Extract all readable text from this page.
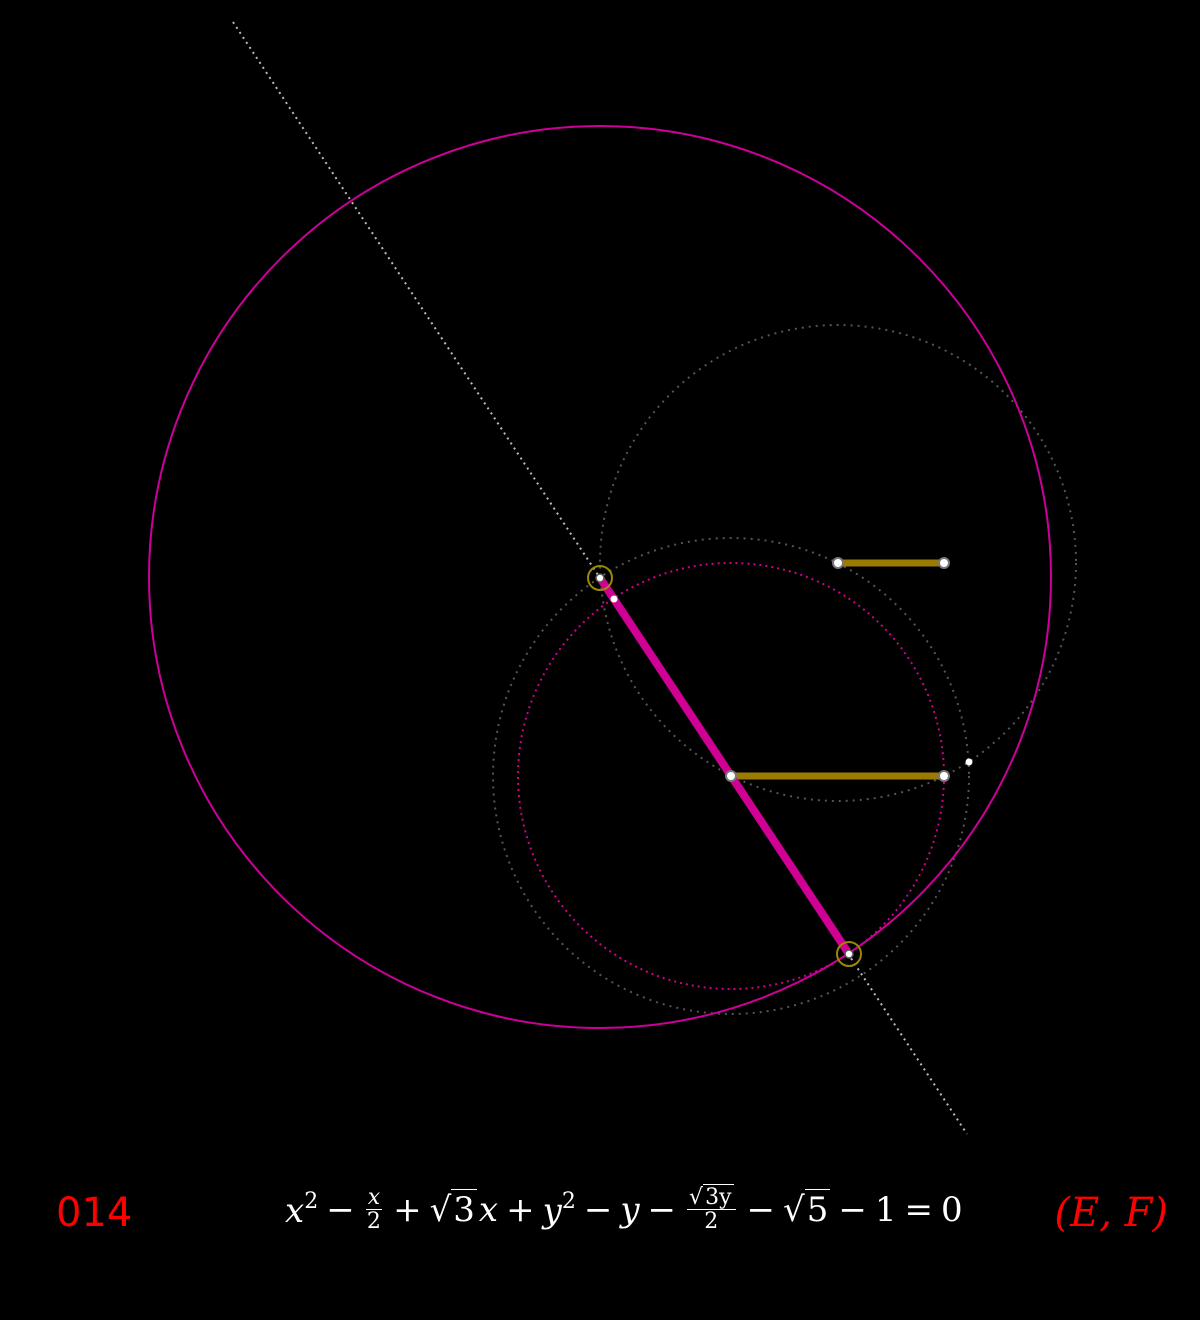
014	$x^2 - \frac{x}{2} + √3$ $x + y^2 - y - \frac{√3y}{2} - √5 - 1 = 0$ (E, F)
